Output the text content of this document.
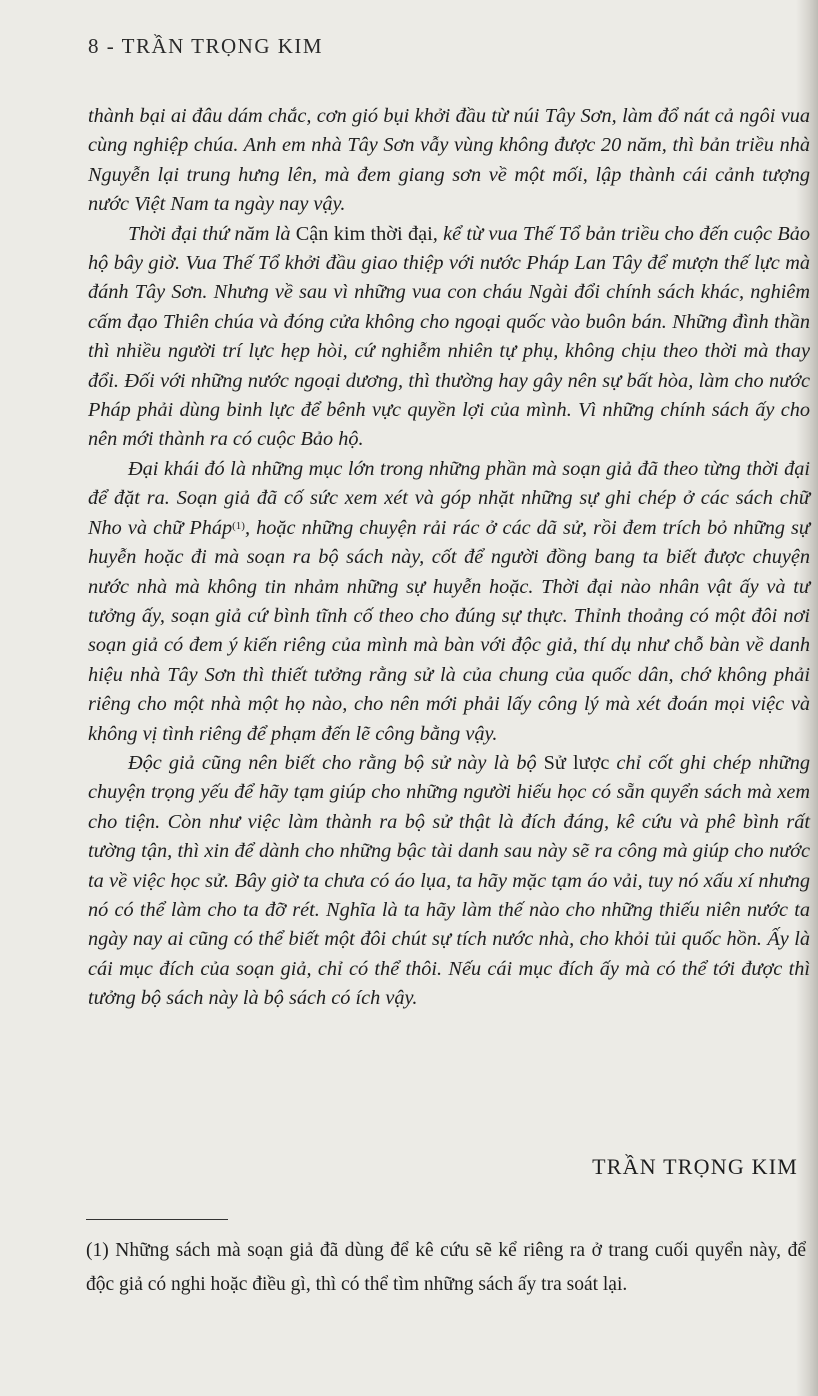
8 - TRẦN TRỌNG KIM

thành bại ai đâu dám chắc, cơn gió bụi khởi đầu từ núi Tây Sơn, làm đổ nát cả ngôi vua cùng nghiệp chúa. Anh em nhà Tây Sơn vẫy vùng không được 20 năm, thì bản triều nhà Nguyễn lại trung hưng lên, mà đem giang sơn về một mối, lập thành cái cảnh tượng nước Việt Nam ta ngày nay vậy.

Thời đại thứ năm là Cận kim thời đại, kể từ vua Thế Tổ bản triều cho đến cuộc Bảo hộ bây giờ. Vua Thế Tổ khởi đầu giao thiệp với nước Pháp Lan Tây để mượn thế lực mà đánh Tây Sơn. Nhưng về sau vì những vua con cháu Ngài đổi chính sách khác, nghiêm cấm đạo Thiên chúa và đóng cửa không cho ngoại quốc vào buôn bán. Những đình thần thì nhiều người trí lực hẹp hòi, cứ nghiễm nhiên tự phụ, không chịu theo thời mà thay đổi. Đối với những nước ngoại dương, thì thường hay gây nên sự bất hòa, làm cho nước Pháp phải dùng binh lực để bênh vực quyền lợi của mình. Vì những chính sách ấy cho nên mới thành ra có cuộc Bảo hộ.

Đại khái đó là những mục lớn trong những phần mà soạn giả đã theo từng thời đại để đặt ra. Soạn giả đã cố sức xem xét và góp nhặt những sự ghi chép ở các sách chữ Nho và chữ Pháp$^{(1)}$, hoặc những chuyện rải rác ở các dã sử, rồi đem trích bỏ những sự huyễn hoặc đi mà soạn ra bộ sách này, cốt để người đồng bang ta biết được chuyện nước nhà mà không tin nhảm những sự huyễn hoặc. Thời đại nào nhân vật ấy và tư tưởng ấy, soạn giả cứ bình tĩnh cố theo cho đúng sự thực. Thỉnh thoảng có một đôi nơi soạn giả có đem ý kiến riêng của mình mà bàn với độc giả, thí dụ như chỗ bàn về danh hiệu nhà Tây Sơn thì thiết tưởng rằng sử là của chung của quốc dân, chớ không phải riêng cho một nhà một họ nào, cho nên mới phải lấy công lý mà xét đoán mọi việc và không vị tình riêng để phạm đến lẽ công bằng vậy.

Độc giả cũng nên biết cho rằng bộ sử này là bộ Sử lược chỉ cốt ghi chép những chuyện trọng yếu để hãy tạm giúp cho những người hiếu học có sẵn quyển sách mà xem cho tiện. Còn như việc làm thành ra bộ sử thật là đích đáng, kê cứu và phê bình rất tường tận, thì xin để dành cho những bậc tài danh sau này sẽ ra công mà giúp cho nước ta về việc học sử. Bây giờ ta chưa có áo lụa, ta hãy mặc tạm áo vải, tuy nó xấu xí nhưng nó có thể làm cho ta đỡ rét. Nghĩa là ta hãy làm thế nào cho những thiếu niên nước ta ngày nay ai cũng có thể biết một đôi chút sự tích nước nhà, cho khỏi tủi quốc hồn. Ấy là cái mục đích của soạn giả, chỉ có thể thôi. Nếu cái mục đích ấy mà có thể tới được thì tưởng bộ sách này là bộ sách có ích vậy.

TRẦN TRỌNG KIM
(1) Những sách mà soạn giả đã dùng để kê cứu sẽ kể riêng ra ở trang cuối quyển này, để độc giả có nghi hoặc điều gì, thì có thể tìm những sách ấy tra soát lại.
